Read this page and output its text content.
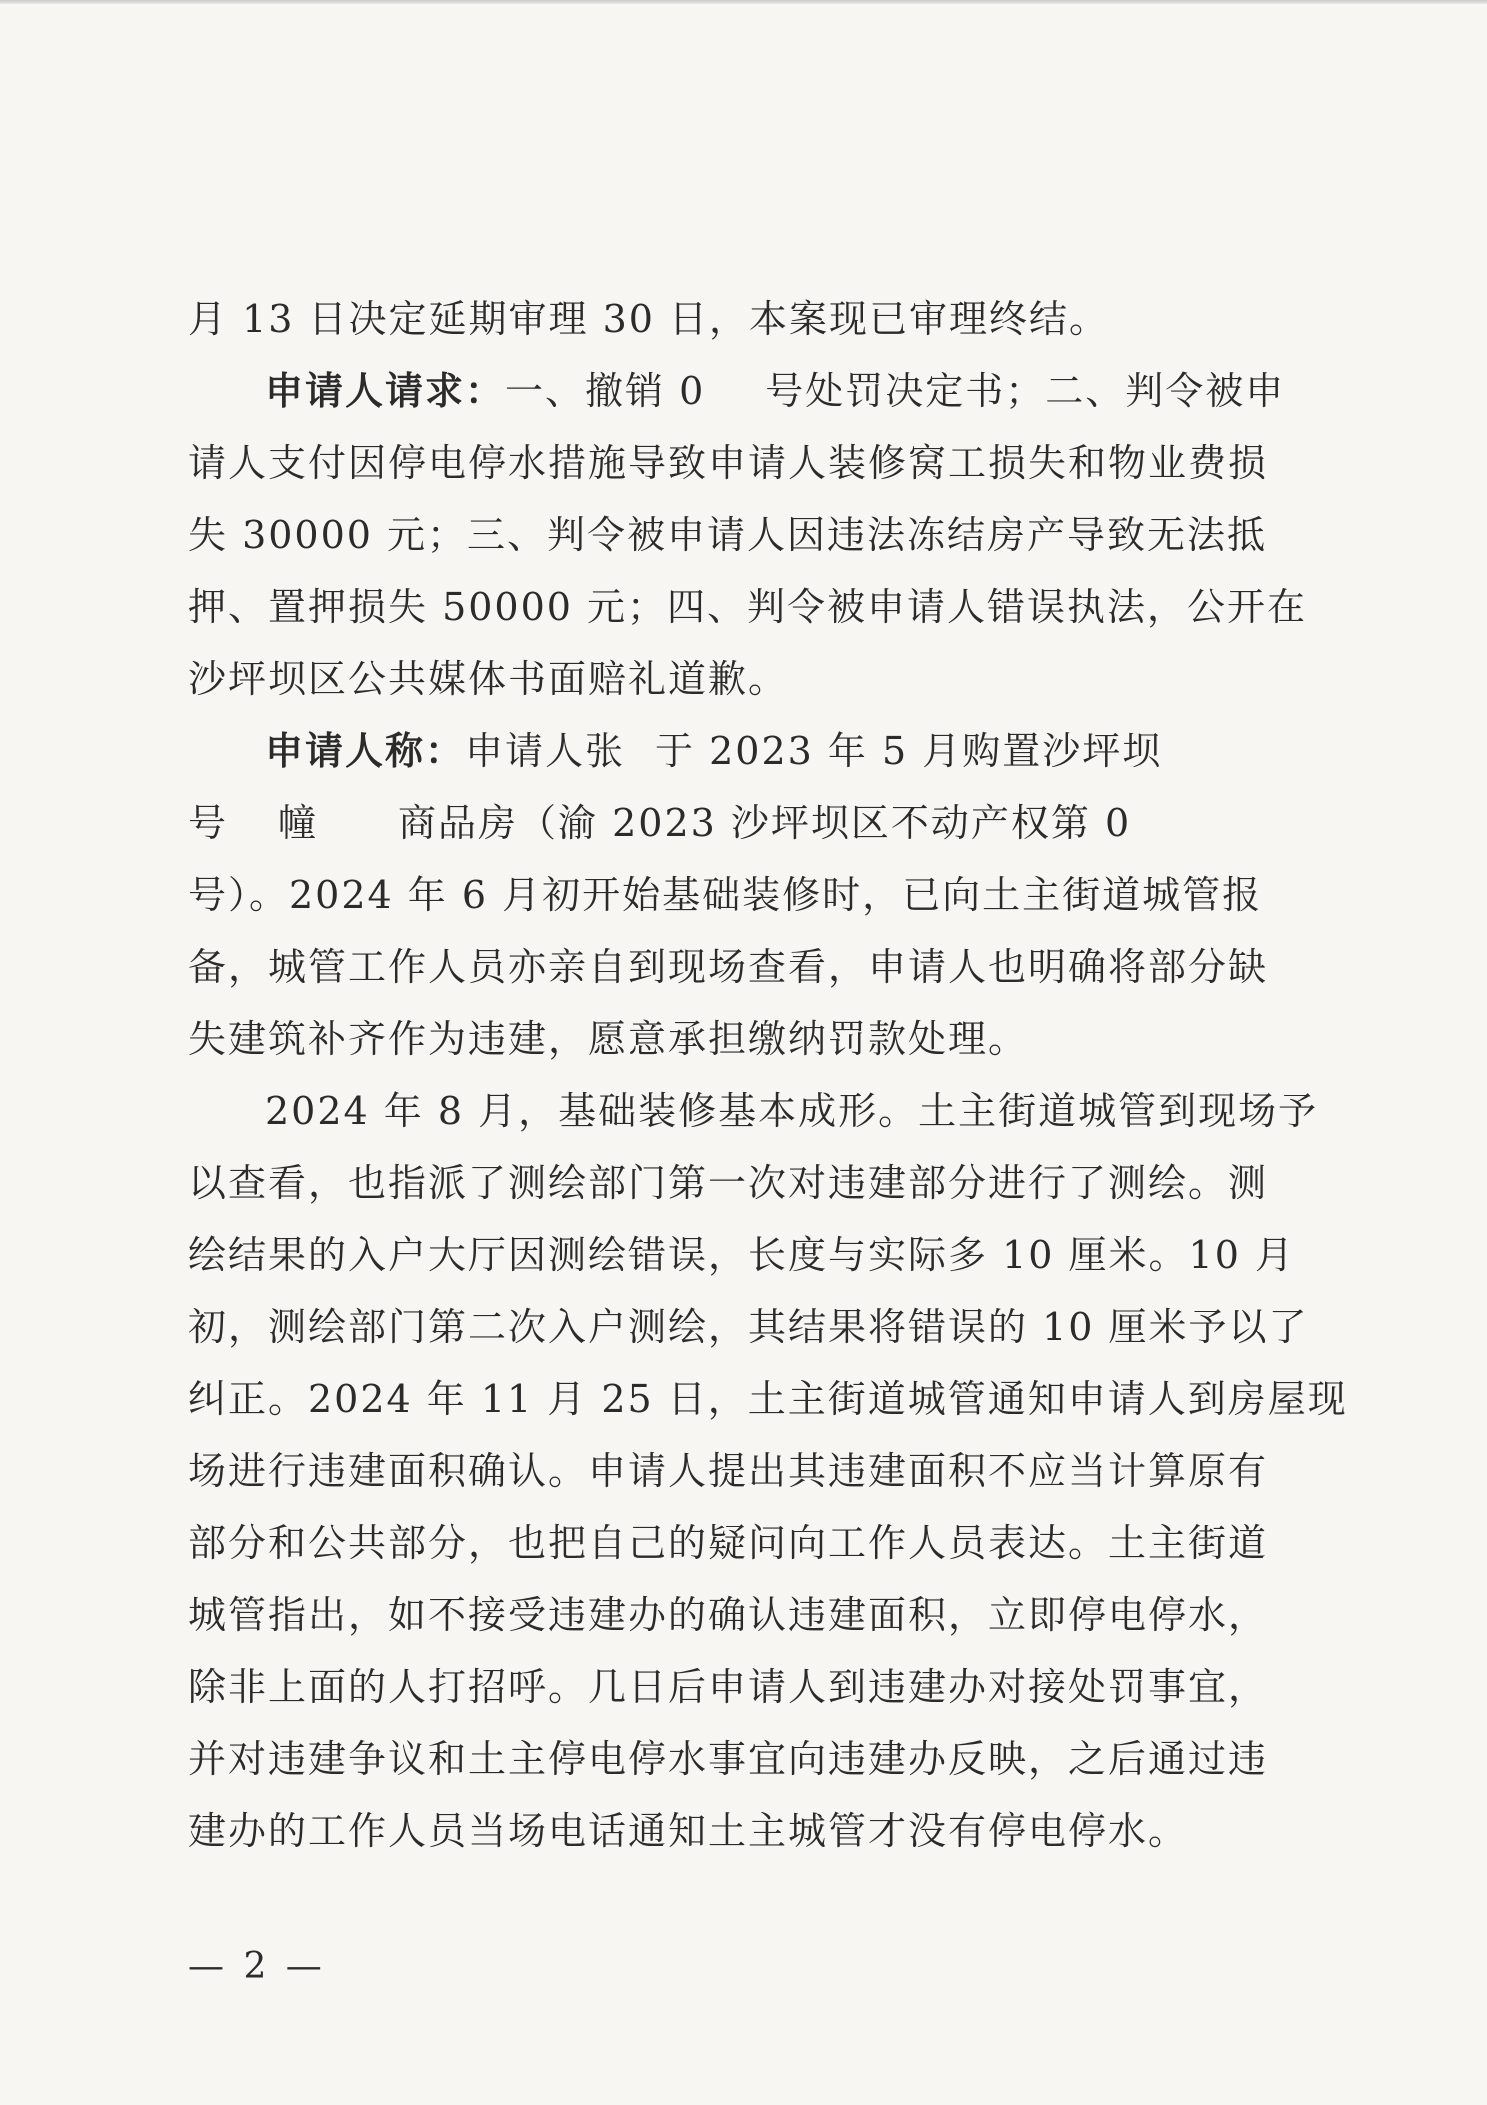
月 13 日决定延期审理 30 日，本案现已审理终结。
申请人请求：一、撤销 0 号处罚决定书；二、判令被申
请人支付因停电停水措施导致申请人装修窝工损失和物业费损
失 30000 元；三、判令被申请人因违法冻结房产导致无法抵
押、置押损失 50000 元；四、判令被申请人错误执法，公开在
沙坪坝区公共媒体书面赔礼道歉。
申请人称：申请人张 于 2023 年 5 月购置沙坪坝
号 幢 商品房（渝 2023 沙坪坝区不动产权第 0
号）。2024 年 6 月初开始基础装修时，已向土主街道城管报
备，城管工作人员亦亲自到现场查看，申请人也明确将部分缺
失建筑补齐作为违建，愿意承担缴纳罚款处理。
2024 年 8 月，基础装修基本成形。土主街道城管到现场予
以查看，也指派了测绘部门第一次对违建部分进行了测绘。测
绘结果的入户大厅因测绘错误，长度与实际多 10 厘米。10 月
初，测绘部门第二次入户测绘，其结果将错误的 10 厘米予以了
纠正。2024 年 11 月 25 日，土主街道城管通知申请人到房屋现
场进行违建面积确认。申请人提出其违建面积不应当计算原有
部分和公共部分，也把自己的疑问向工作人员表达。土主街道
城管指出，如不接受违建办的确认违建面积，立即停电停水，
除非上面的人打招呼。几日后申请人到违建办对接处罚事宜，
并对违建争议和土主停电停水事宜向违建办反映，之后通过违
建办的工作人员当场电话通知土主城管才没有停电停水。
— 2 —
